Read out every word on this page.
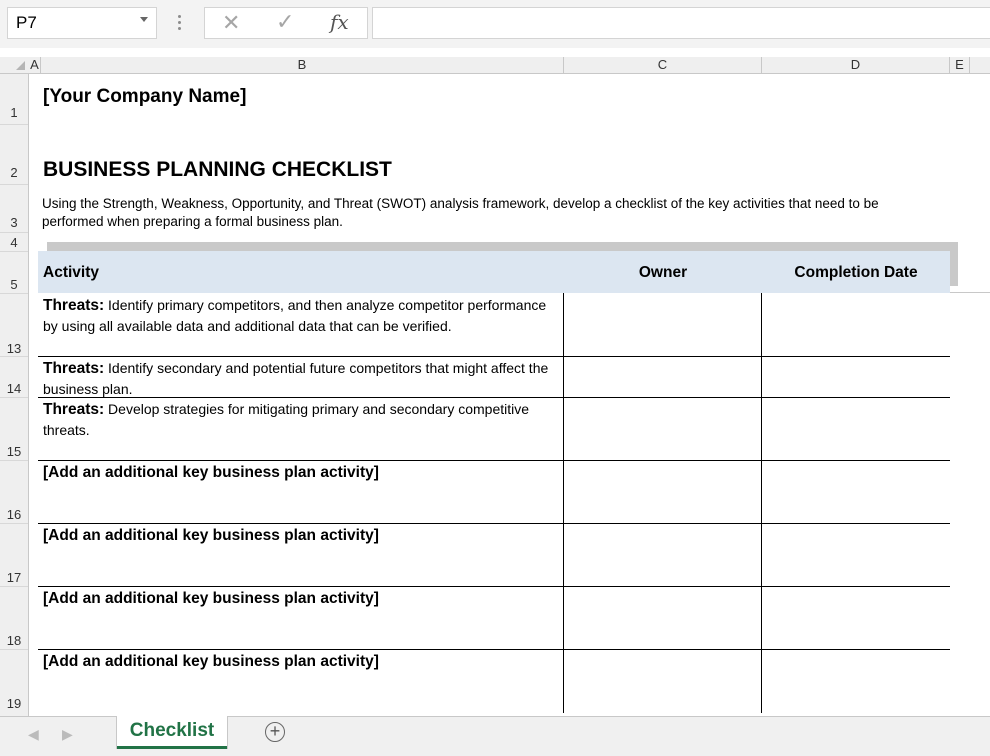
P7	✕ ✓ fx
A	B	C	D	E
1
2
3
4
5
13
14
15
16
17
18
19
[Your Company Name]
BUSINESS PLANNING CHECKLIST
Using the Strength, Weakness, Opportunity, and Threat (SWOT) analysis framework, develop a checklist of the key activities that need to be performed when preparing a formal business plan.
Activity	Owner	Completion Date
Threats: Identify primary competitors, and then analyze competitor performance by using all available data and additional data that can be verified.
Threats: Identify secondary and potential future competitors that might affect the business plan.
Threats: Develop strategies for mitigating primary and secondary competitive threats.
[Add an additional key business plan activity]
[Add an additional key business plan activity]
[Add an additional key business plan activity]
[Add an additional key business plan activity]
◀ ▶	Checklist	+
